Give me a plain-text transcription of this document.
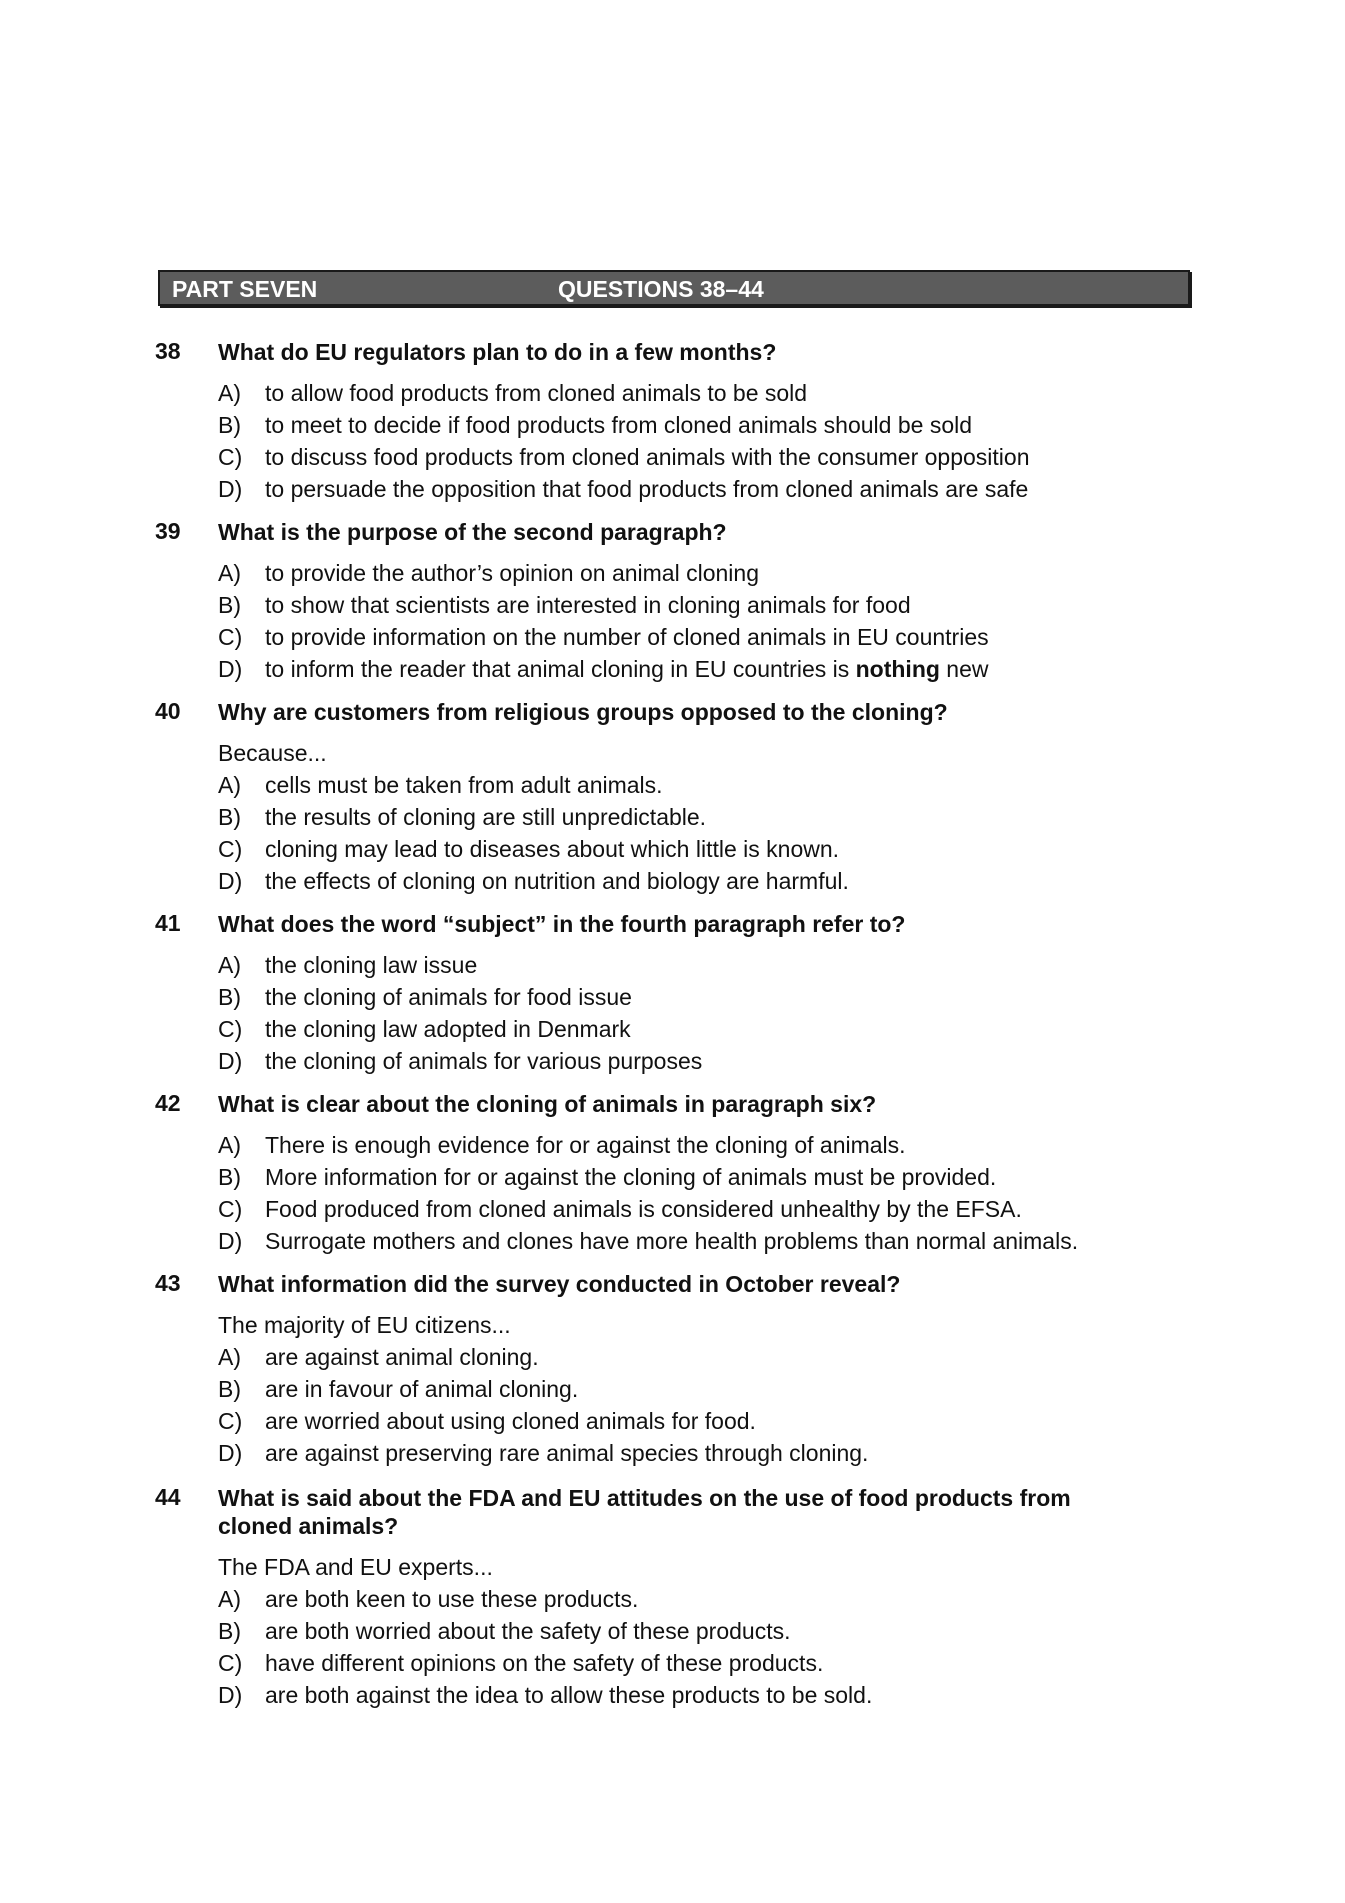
PART SEVEN	QUESTIONS 38–44
38 What do EU regulators plan to do in a few months?
A) to allow food products from cloned animals to be sold
B) to meet to decide if food products from cloned animals should be sold
C) to discuss food products from cloned animals with the consumer opposition
D) to persuade the opposition that food products from cloned animals are safe
39 What is the purpose of the second paragraph?
A) to provide the author’s opinion on animal cloning
B) to show that scientists are interested in cloning animals for food
C) to provide information on the number of cloned animals in EU countries
D) to inform the reader that animal cloning in EU countries is nothing new
40 Why are customers from religious groups opposed to the cloning?
Because...
A) cells must be taken from adult animals.
B) the results of cloning are still unpredictable.
C) cloning may lead to diseases about which little is known.
D) the effects of cloning on nutrition and biology are harmful.
41 What does the word “subject” in the fourth paragraph refer to?
A) the cloning law issue
B) the cloning of animals for food issue
C) the cloning law adopted in Denmark
D) the cloning of animals for various purposes
42 What is clear about the cloning of animals in paragraph six?
A) There is enough evidence for or against the cloning of animals.
B) More information for or against the cloning of animals must be provided.
C) Food produced from cloned animals is considered unhealthy by the EFSA.
D) Surrogate mothers and clones have more health problems than normal animals.
43 What information did the survey conducted in October reveal?
The majority of EU citizens...
A) are against animal cloning.
B) are in favour of animal cloning.
C) are worried about using cloned animals for food.
D) are against preserving rare animal species through cloning.
44 What is said about the FDA and EU attitudes on the use of food products from cloned animals?
The FDA and EU experts...
A) are both keen to use these products.
B) are both worried about the safety of these products.
C) have different opinions on the safety of these products.
D) are both against the idea to allow these products to be sold.
